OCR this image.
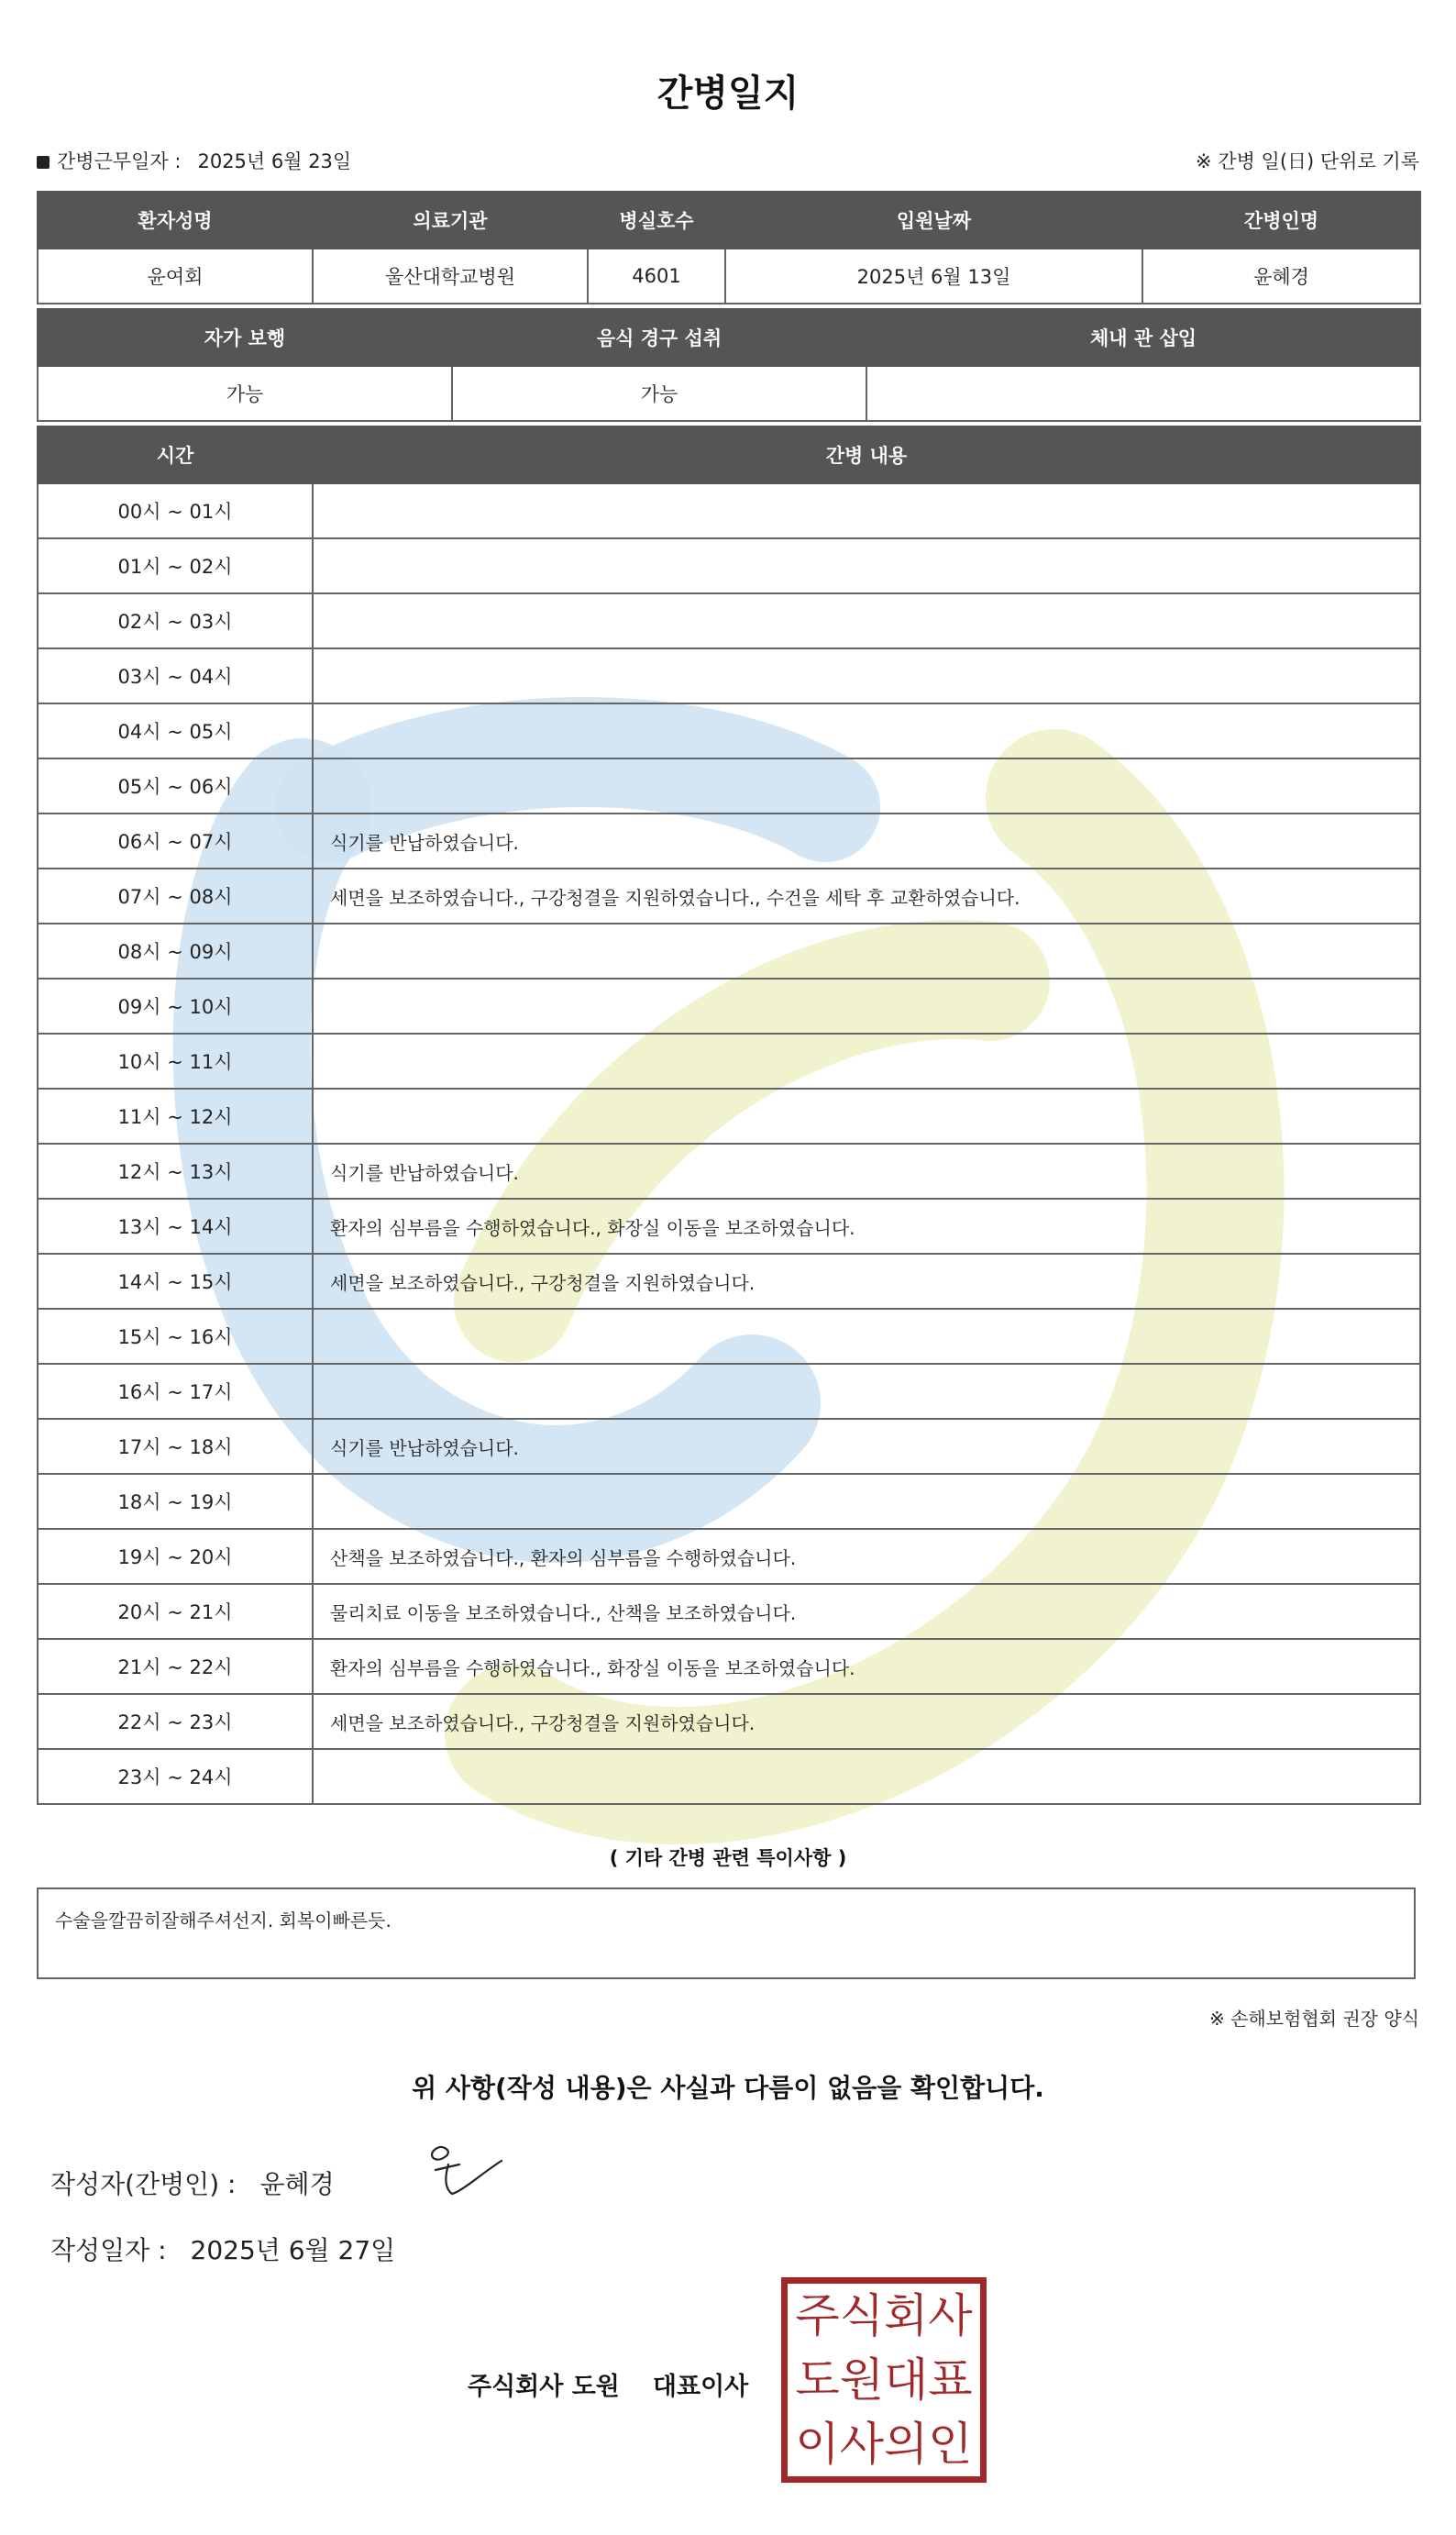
간병일지
간병근무일자 : 2025년 6월 23일	※ 간병 일(日) 단위로 기록
환자성명	의료기관	병실호수	입원날짜	간병인명
윤여회	울산대학교병원	4601	2025년 6월 13일	윤혜경
자가 보행	음식 경구 섭취	체내 관 삽입
가능	가능	
시간	간병 내용
00시 ~ 01시	
01시 ~ 02시	
02시 ~ 03시	
03시 ~ 04시	
04시 ~ 05시	
05시 ~ 06시	
06시 ~ 07시	식기를 반납하였습니다.
07시 ~ 08시	세면을 보조하였습니다., 구강청결을 지원하였습니다., 수건을 세탁 후 교환하였습니다.
08시 ~ 09시	
09시 ~ 10시	
10시 ~ 11시	
11시 ~ 12시	
12시 ~ 13시	식기를 반납하였습니다.
13시 ~ 14시	환자의 심부름을 수행하였습니다., 화장실 이동을 보조하였습니다.
14시 ~ 15시	세면을 보조하였습니다., 구강청결을 지원하였습니다.
15시 ~ 16시	
16시 ~ 17시	
17시 ~ 18시	식기를 반납하였습니다.
18시 ~ 19시	
19시 ~ 20시	산책을 보조하였습니다., 환자의 심부름을 수행하였습니다.
20시 ~ 21시	물리치료 이동을 보조하였습니다., 산책을 보조하였습니다.
21시 ~ 22시	환자의 심부름을 수행하였습니다., 화장실 이동을 보조하였습니다.
22시 ~ 23시	세면을 보조하였습니다., 구강청결을 지원하였습니다.
23시 ~ 24시	
( 기타 간병 관련 특이사항 )
수술을깔끔히잘해주셔선지. 회복이빠른듯.
※ 손해보험협회 권장 양식
위 사항(작성 내용)은 사실과 다름이 없음을 확인합니다.
작성자(간병인) : 윤혜경
작성일자 : 2025년 6월 27일
주식회사 도원 대표이사
주식회사
도원대표
이사의인
